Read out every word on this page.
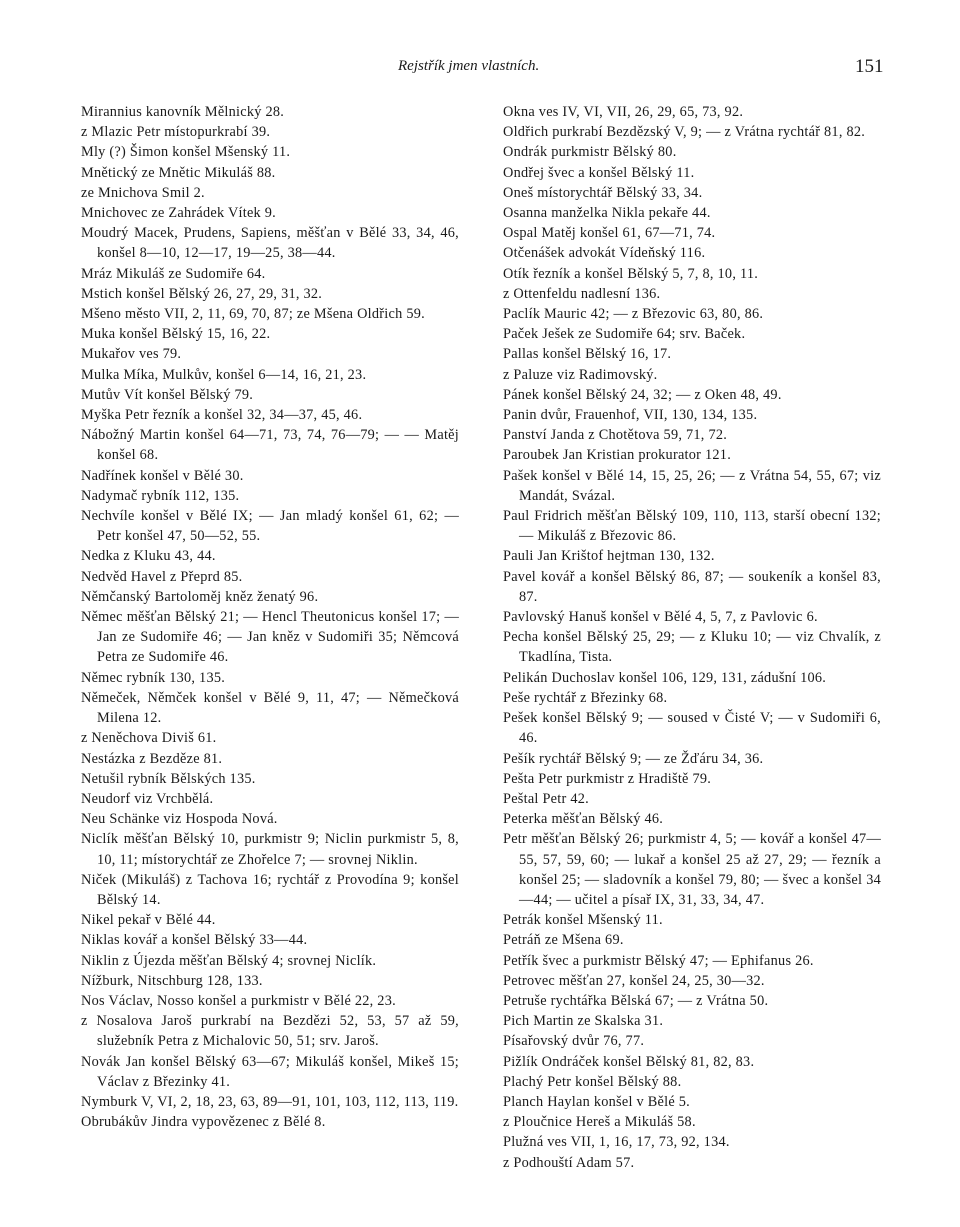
Rejstřík jmen vlastních.	151

Mirannius kanovník Mělnický 28.

z Mlazic Petr místopurkrabí 39.

Mly (?) Šimon konšel Mšenský 11.

Mnětický ze Mnětic Mikuláš 88.

ze Mnichova Smil 2.

Mnichovec ze Zahrádek Vítek 9.

Moudrý Macek, Prudens, Sapiens, měšťan v Bělé 33, 34, 46, konšel 8—10, 12—17, 19—25, 38—44.

Mráz Mikuláš ze Sudomiře 64.

Mstich konšel Bělský 26, 27, 29, 31, 32.

Mšeno město VII, 2, 11, 69, 70, 87; ze Mšena Oldřich 59.

Muka konšel Bělský 15, 16, 22.

Mukařov ves 79.

Mulka Míka, Mulkův, konšel 6—14, 16, 21, 23.

Mutův Vít konšel Bělský 79.

Myška Petr řezník a konšel 32, 34—37, 45, 46.

Nábožný Martin konšel 64—71, 73, 74, 76—79; — — Matěj konšel 68.

Nadřínek konšel v Bělé 30.

Nadymač rybník 112, 135.

Nechvíle konšel v Bělé IX; — Jan mladý konšel 61, 62; — Petr konšel 47, 50—52, 55.

Nedka z Kluku 43, 44.

Nedvěd Havel z Přeprd 85.

Němčanský Bartoloměj kněz ženatý 96.

Němec měšťan Bělský 21; — Hencl Theutonicus konšel 17; — Jan ze Sudomiře 46; — Jan kněz v Sudomiři 35; Němcová Petra ze Sudomiře 46.

Němec rybník 130, 135.

Němeček, Němček konšel v Bělé 9, 11, 47; — Němečková Milena 12.

z Neněchova Diviš 61.

Nestázka z Bezděze 81.

Netušil rybník Bělských 135.

Neudorf viz Vrchbělá.

Neu Schänke viz Hospoda Nová.

Niclík měšťan Bělský 10, purkmistr 9; Niclin purkmistr 5, 8, 10, 11; místorychtář ze Zhořelce 7; — srovnej Niklin.

Niček (Mikuláš) z Tachova 16; rychtář z Provodína 9; konšel Bělský 14.

Nikel pekař v Bělé 44.

Niklas kovář a konšel Bělský 33—44.

Niklin z Újezda měšťan Bělský 4; srovnej Niclík.

Nížburk, Nitschburg 128, 133.

Nos Václav, Nosso konšel a purkmistr v Bělé 22, 23.

z Nosalova Jaroš purkrabí na Bezdězi 52, 53, 57 až 59, služebník Petra z Michalovic 50, 51; srv. Jaroš.

Novák Jan konšel Bělský 63—67; Mikuláš konšel, Mikeš 15; Václav z Březinky 41.

Nymburk V, VI, 2, 18, 23, 63, 89—91, 101, 103, 112, 113, 119.

Obrubákův Jindra vypovězenec z Bělé 8.

Okna ves IV, VI, VII, 26, 29, 65, 73, 92.

Oldřich purkrabí Bezdězský V, 9; — z Vrátna rychtář 81, 82.

Ondrák purkmistr Bělský 80.

Ondřej švec a konšel Bělský 11.

Oneš místorychtář Bělský 33, 34.

Osanna manželka Nikla pekaře 44.

Ospal Matěj konšel 61, 67—71, 74.

Otčenášek advokát Vídeňský 116.

Otík řezník a konšel Bělský 5, 7, 8, 10, 11.

z Ottenfeldu nadlesní 136.

Paclík Mauric 42; — z Březovic 63, 80, 86.

Paček Ješek ze Sudomiře 64; srv. Baček.

Pallas konšel Bělský 16, 17.

z Paluze viz Radimovský.

Pánek konšel Bělský 24, 32; — z Oken 48, 49.

Panin dvůr, Frauenhof, VII, 130, 134, 135.

Panství Janda z Chotětova 59, 71, 72.

Paroubek Jan Kristian prokurator 121.

Pašek konšel v Bělé 14, 15, 25, 26; — z Vrátna 54, 55, 67; viz Mandát, Svázal.

Paul Fridrich měšťan Bělský 109, 110, 113, starší obecní 132; — Mikuláš z Březovic 86.

Pauli Jan Krištof hejtman 130, 132.

Pavel kovář a konšel Bělský 86, 87; — soukeník a konšel 83, 87.

Pavlovský Hanuš konšel v Bělé 4, 5, 7, z Pavlovic 6.

Pecha konšel Bělský 25, 29; — z Kluku 10; — viz Chvalík, z Tkadlína, Tista.

Pelikán Duchoslav konšel 106, 129, 131, zádušní 106.

Peše rychtář z Březinky 68.

Pešek konšel Bělský 9; — soused v Čisté V; — v Sudomiři 6, 46.

Pešík rychtář Bělský 9; — ze Žďáru 34, 36.

Pešta Petr purkmistr z Hradiště 79.

Peštal Petr 42.

Peterka měšťan Bělský 46.

Petr měšťan Bělský 26; purkmistr 4, 5; — kovář a konšel 47—55, 57, 59, 60; — lukař a konšel 25 až 27, 29; — řezník a konšel 25; — sladovník a konšel 79, 80; — švec a konšel 34—44; — učitel a písař IX, 31, 33, 34, 47.

Petrák konšel Mšenský 11.

Petráň ze Mšena 69.

Petřík švec a purkmistr Bělský 47; — Ephifanus 26.

Petrovec měšťan 27, konšel 24, 25, 30—32.

Petruše rychtářka Bělská 67; — z Vrátna 50.

Pich Martin ze Skalska 31.

Písařovský dvůr 76, 77.

Pižlík Ondráček konšel Bělský 81, 82, 83.

Plachý Petr konšel Bělský 88.

Planch Haylan konšel v Bělé 5.

z Ploučnice Hereš a Mikuláš 58.

Plužná ves VII, 1, 16, 17, 73, 92, 134.

z Podhouští Adam 57.
